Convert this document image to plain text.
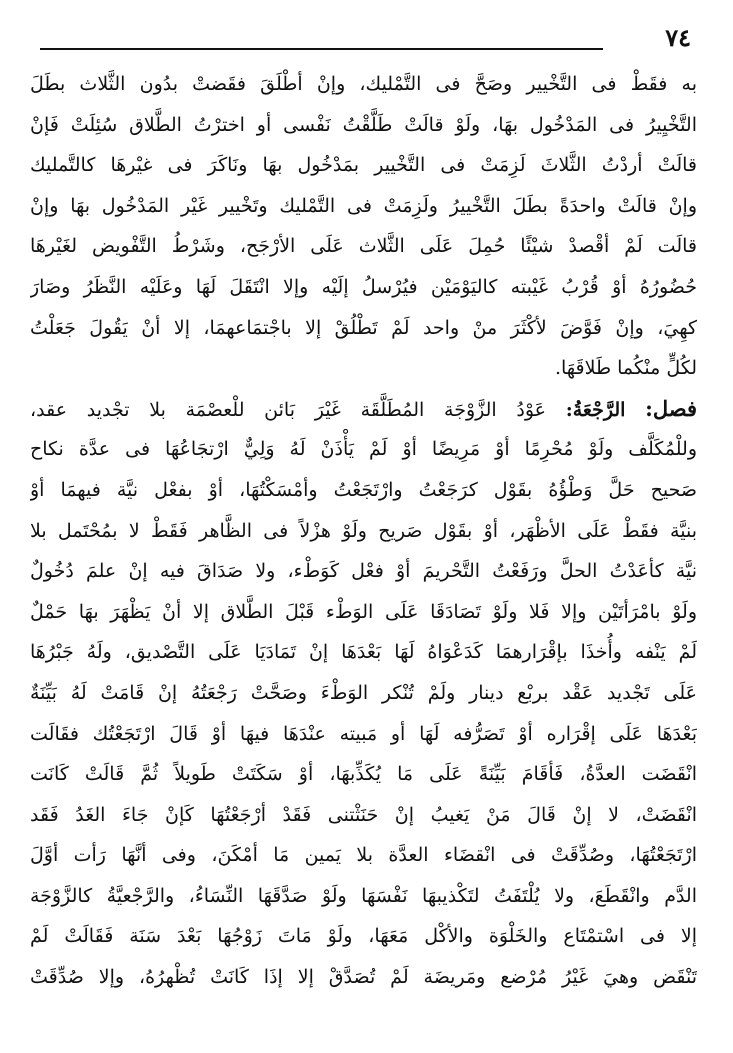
٧٤
به فقَطْ فى التَّخْيير وصَحَّ فى التَّمْليك، وإنْ أطْلَقَ فقَضتْ بدُون الثَّلاث بطَلَ
التَّخْيِيرُ فى المَدْخُول بهَا، ولَوْ قالَتْ طَلَّقْتُ نَفْسى أو اخترْتُ الطَّلاق سُئِلَتْ فَإنْ
قالَتْ أردْتُ الثَّلاثَ لَزِمَتْ فى التَّخْيير بمَدْخُول بهَا ونَاكَرَ فى غيْرهَا كالتَّمليك
وإنْ قالَتْ واحدَةً بطَلَ التَّخْييرُ ولَزِمَتْ فى التَّمْليك وتَخْيير غَيْر المَدْخُول بهَا وإنْ
قالَت لَمْ أقْصدْ شيْئًا حُمِلَ عَلَى الثَّلاث عَلَى الأرْجَح، وشَرْطُ التَّفْويض لغَيْرهَا
حُضُورُهُ أوْ قُرْبُ غَيْبته كاليَوْمَيْن فيُرْسلُ إلَيْه وإلا انْتَقَلَ لَهَا وعَلَيْه النَّظَرُ وصَارَ
كهِيَ، وإنْ فَوَّضَ لأكْثَرَ منْ واحد لَمْ تَطْلُقْ إلا باجْتمَاعهمَا، إلا أنْ يَقُولَ جَعَلْتُ
لكُلٍّ منْكُما طَلاقَهَا.
فصل: الرَّجْعَةُ: عَوْدُ الزَّوْجَة المُطَلَّقَة غَيْرَ بَائن للْعصْمَة بلا تجْديد عقد،
وللْمُكَلَّف ولَوْ مُحْرِمًا أوْ مَرِيضًا أوْ لَمْ يَأْذَنْ لَهُ وَلِيٌّ ارْتجَاعُهَا فى عدَّة نكاح
صَحيح حَلَّ وَطْؤُهُ بقَوْل كرَجَعْتُ وارْتَجَعْتُ وأمْسَكْتُهَا، أوْ بفعْل نيَّة فيهمَا أوْ
بنيَّة فقَطْ عَلَى الأظْهَر، أوْ بقَوْل صَريح ولَوْ هزْلاً فى الظَّاهر فَقَطْ لا بمُحْتَمل بلا
نيَّة كأعَدْتُ الحلَّ ورَفَعْتُ التَّحْريمَ أوْ فعْل كَوَطْء، ولا صَدَاقَ فيه إنْ علمَ دُخُولٌ
ولَوْ بامْرَأتَيْن وإلا فَلا ولَوْ تَصَادَقَا عَلَى الوَطْء قَبْلَ الطَّلاق إلا أنْ يَظْهَرَ بهَا حَمْلٌ
لَمْ يَنْفه وأُخذَا بإقْرَارهمَا كَدَعْوَاهُ لَهَا بَعْدَهَا إنْ تَمَادَيَا عَلَى التَّصْديق، ولَهُ جَبْرُهَا
عَلَى تَجْديد عَقْد بربْع دينار ولَمْ تُنْكر الوَطْءَ وصَحَّتْ رَجْعَتُهُ إنْ قَامَتْ لَهُ بَيِّنَةٌ
بَعْدَهَا عَلَى إقْرَاره أوْ تَصَرُّفه لَهَا أو مَبيته عنْدَهَا فيهَا أوْ قَالَ ارْتَجَعْتُك فقَالَت
انْقَضَت العدَّةُ، فَأقَامَ بَيِّنَةً عَلَى مَا يُكَذِّبهَا، أوْ سَكَتَتْ طَويلاً ثُمَّ قَالَتْ كَانَت
انْقَضَتْ، لا إنْ قَالَ مَنْ يَغيبُ إنْ حَنَثْتنى فَقَدْ أرْجَعْتُهَا كَإنْ جَاءَ الغَدُ فَقَد
ارْتَجَعْتُهَا، وصُدِّقَتْ فى انْقضَاء العدَّة بلا يَمين مَا أمْكَنَ، وفى أنَّهَا رَأت أوَّلَ
الدَّم وانْقَطَعَ، ولا يُلْتَفَتُ لتَكْذيبهَا نَفْسَهَا ولَوْ صَدَّقَهَا النِّسَاءُ، والرَّجْعيَّةُ كالزَّوْجَة
إلا فى اسْتمْتَاع والخَلْوَة والأكْل مَعَهَا، ولَوْ مَاتَ زَوْجُهَا بَعْدَ سَنَة فَقَالَتْ لَمْ
تَنْقَض وهيَ غَيْرُ مُرْضع ومَريضَة لَمْ تُصَدَّقْ إلا إذَا كَانَتْ تُظْهرُهُ، وإلا صُدِّقَتْ
